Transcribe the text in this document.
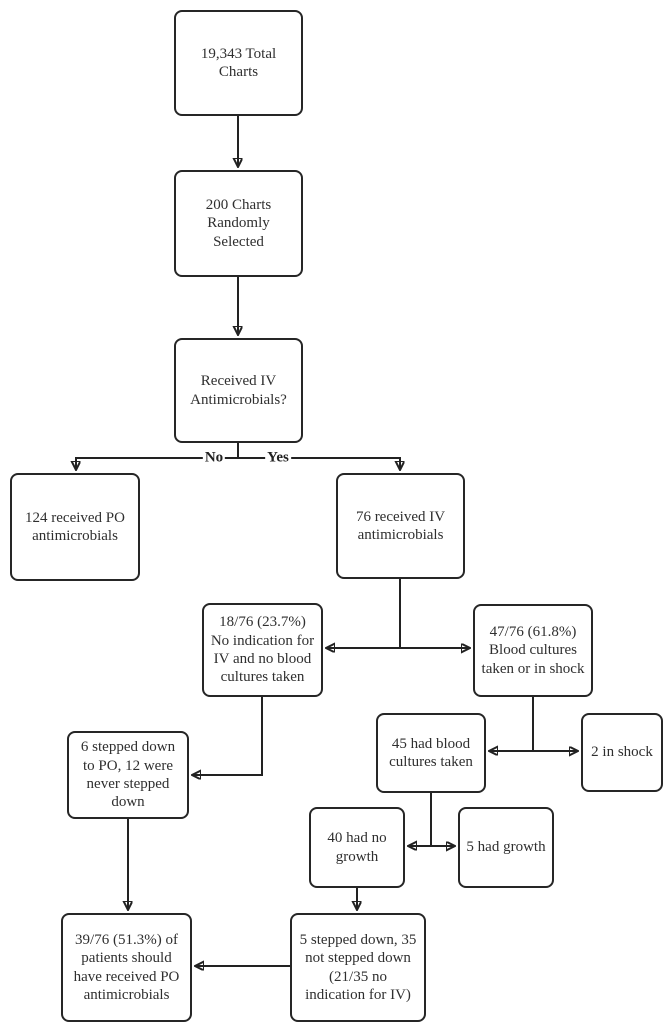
19,343 Total Charts
200 Charts Randomly Selected
Received IV Antimicrobials?
124 received PO antimicrobials
76 received IV antimicrobials
18/76 (23.7%) No indication for IV and no blood cultures taken
47/76 (61.8%) Blood cultures taken or in shock
45 had blood cultures taken
2 in shock
6 stepped down to PO, 12 were never stepped down
40 had no growth
5 had growth
39/76 (51.3%) of patients should have received PO antimicrobials
5 stepped down, 35 not stepped down (21/35 no indication for IV)
No	Yes
